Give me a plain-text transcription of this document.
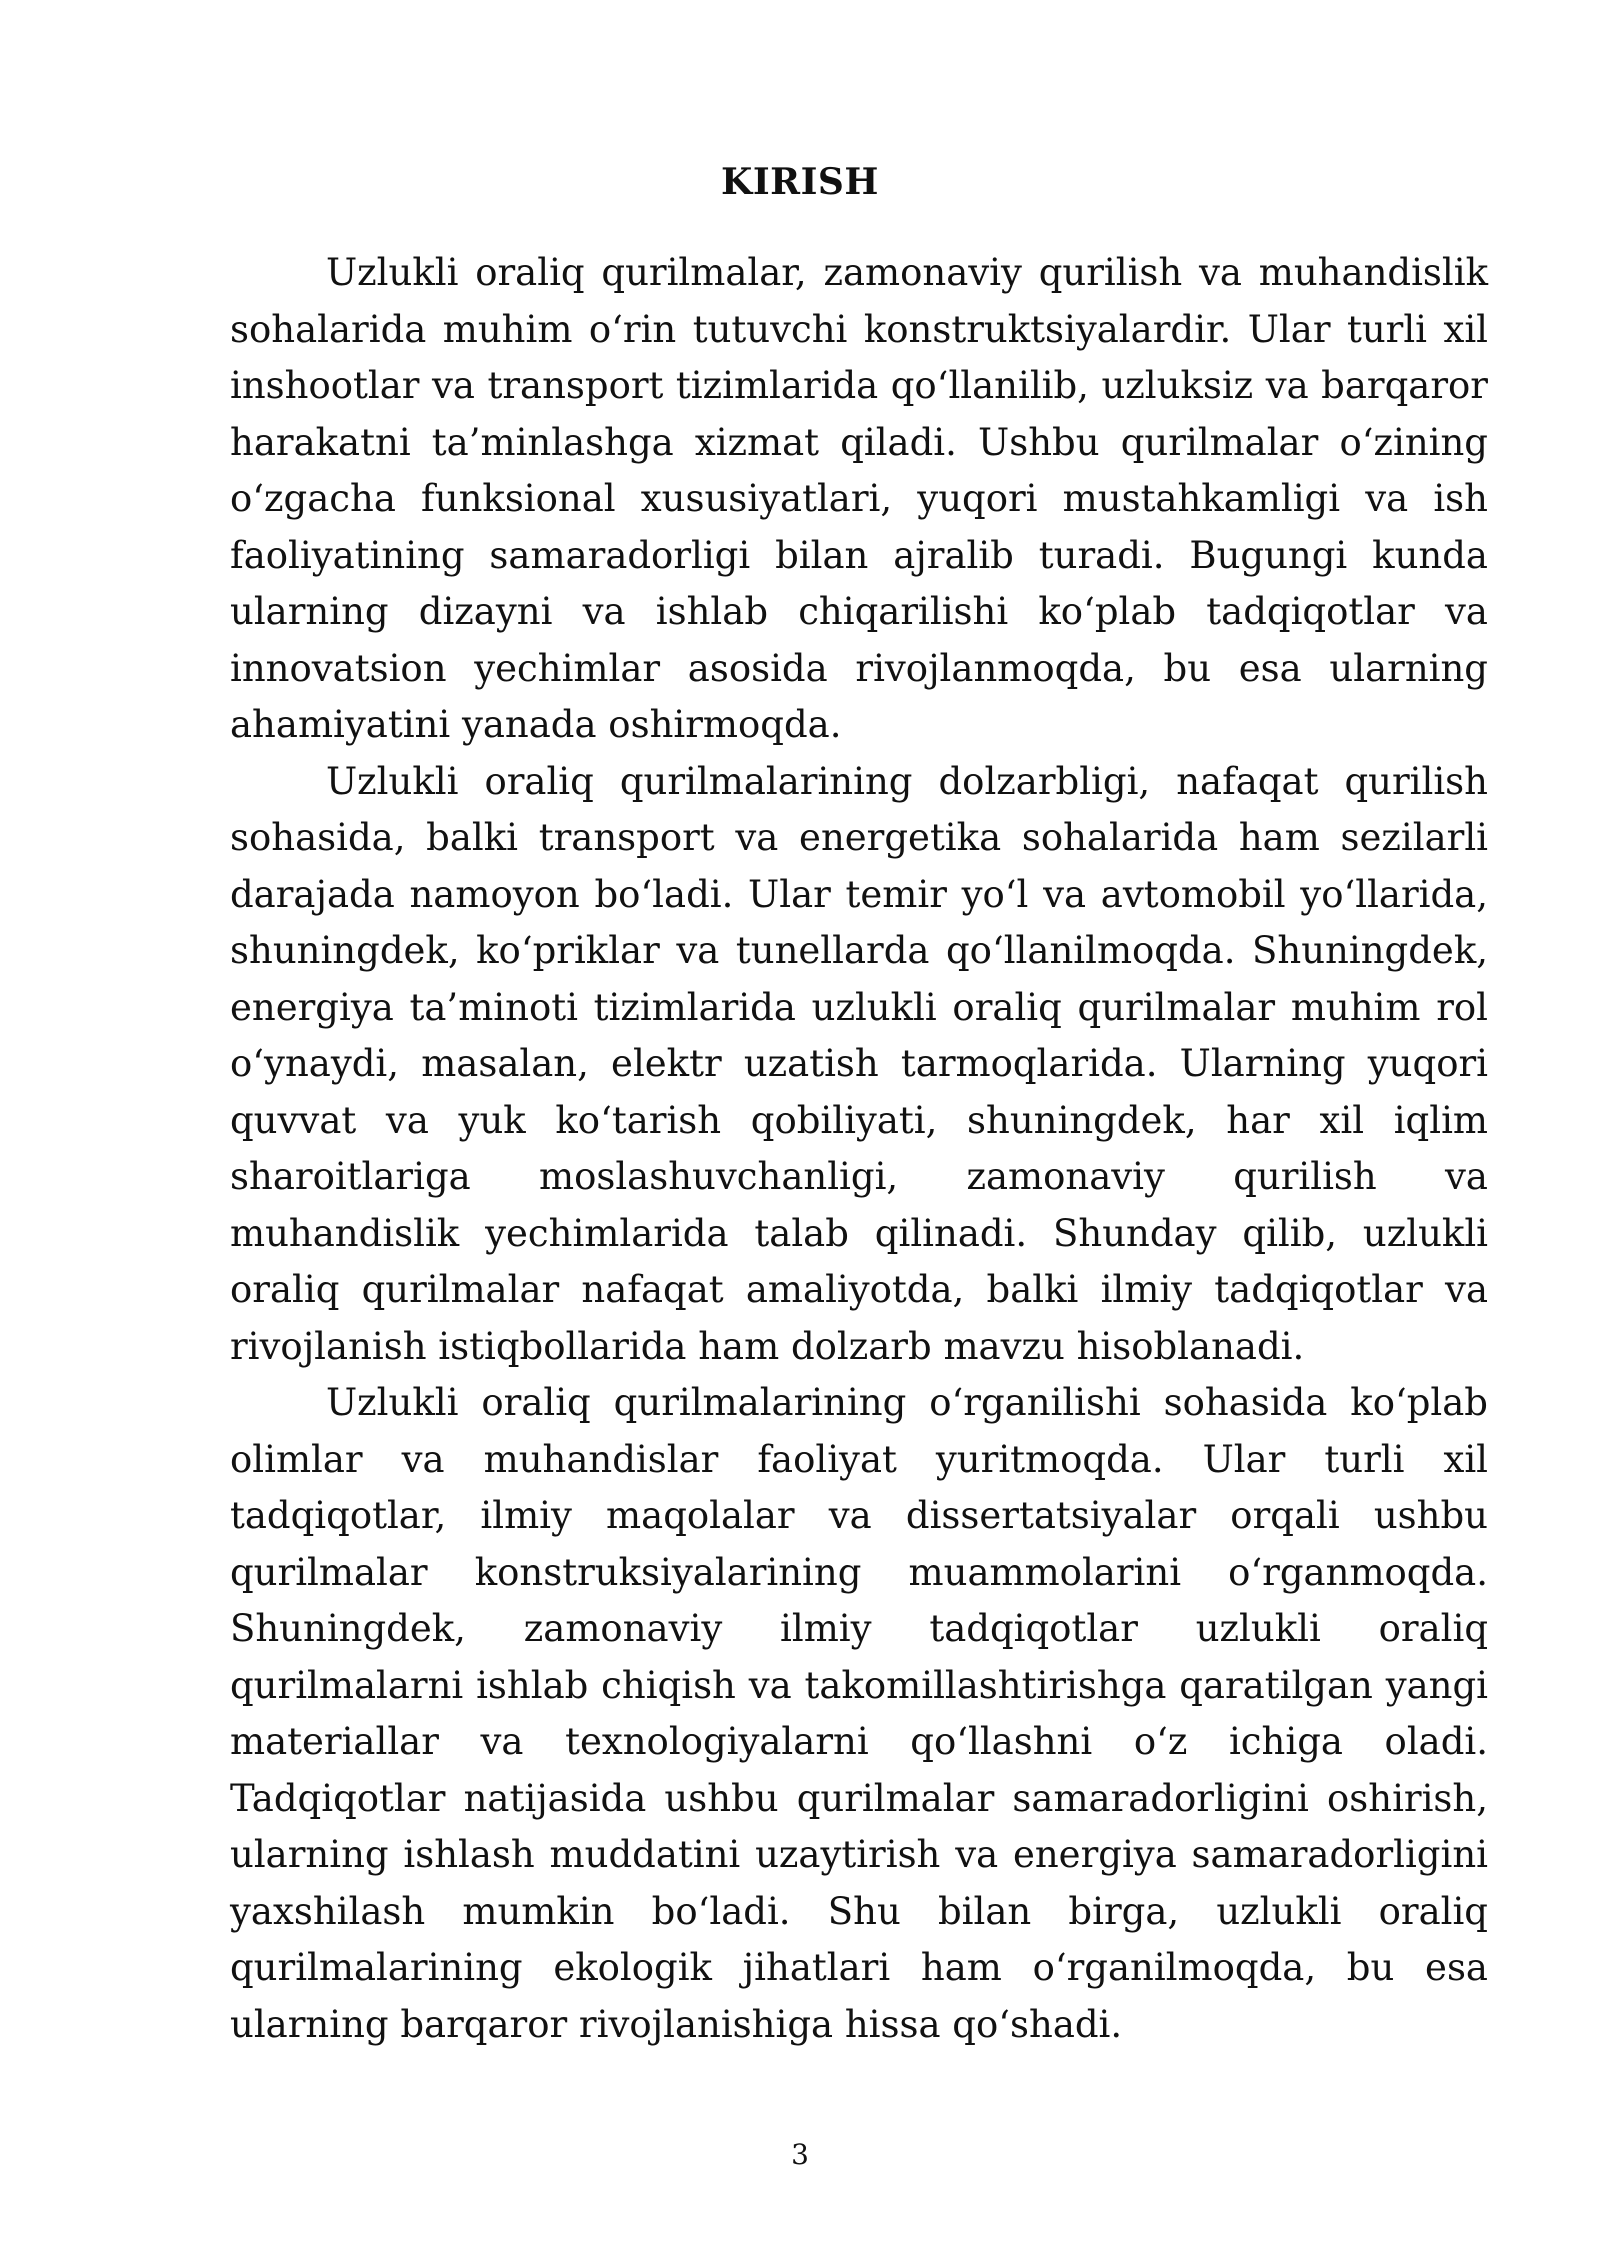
KIRISH

Uzlukli oraliq qurilmalar, zamonaviy qurilish va muhandislik sohalarida muhim o‘rin tutuvchi konstruktsiyalardir. Ular turli xil inshootlar va transport tizimlarida qo‘llanilib, uzluksiz va barqaror harakatni ta’minlashga xizmat qiladi. Ushbu qurilmalar o‘zining o‘zgacha funksional xususiyatlari, yuqori mustahkamligi va ish faoliyatining samaradorligi bilan ajralib turadi. Bugungi kunda ularning dizayni va ishlab chiqarilishi ko‘plab tadqiqotlar va innovatsion yechimlar asosida rivojlanmoqda, bu esa ularning ahamiyatini yanada oshirmoqda.

Uzlukli oraliq qurilmalarining dolzarbligi, nafaqat qurilish sohasida, balki transport va energetika sohalarida ham sezilarli darajada namoyon bo‘ladi. Ular temir yo‘l va avtomobil yo‘llarida, shuningdek, ko‘priklar va tunellarda qo‘llanilmoqda. Shuningdek, energiya ta’minoti tizimlarida uzlukli oraliq qurilmalar muhim rol o‘ynaydi, masalan, elektr uzatish tarmoqlarida. Ularning yuqori quvvat va yuk ko‘tarish qobiliyati, shuningdek, har xil iqlim sharoitlariga moslashuvchanligi, zamonaviy qurilish va muhandislik yechimlarida talab qilinadi. Shunday qilib, uzlukli oraliq qurilmalar nafaqat amaliyotda, balki ilmiy tadqiqotlar va rivojlanish istiqbollarida ham dolzarb mavzu hisoblanadi.

Uzlukli oraliq qurilmalarining o‘rganilishi sohasida ko‘plab olimlar va muhandislar faoliyat yuritmoqda. Ular turli xil tadqiqotlar, ilmiy maqolalar va dissertatsiyalar orqali ushbu qurilmalar konstruksiyalarining muammolarini o‘rganmoqda. Shuningdek, zamonaviy ilmiy tadqiqotlar uzlukli oraliq qurilmalarni ishlab chiqish va takomillashtirishga qaratilgan yangi materiallar va texnologiyalarni qo‘llashni o‘z ichiga oladi. Tadqiqotlar natijasida ushbu qurilmalar samaradorligini oshirish, ularning ishlash muddatini uzaytirish va energiya samaradorligini yaxshilash mumkin bo‘ladi. Shu bilan birga, uzlukli oraliq qurilmalarining ekologik jihatlari ham o‘rganilmoqda, bu esa ularning barqaror rivojlanishiga hissa qo‘shadi.

3
